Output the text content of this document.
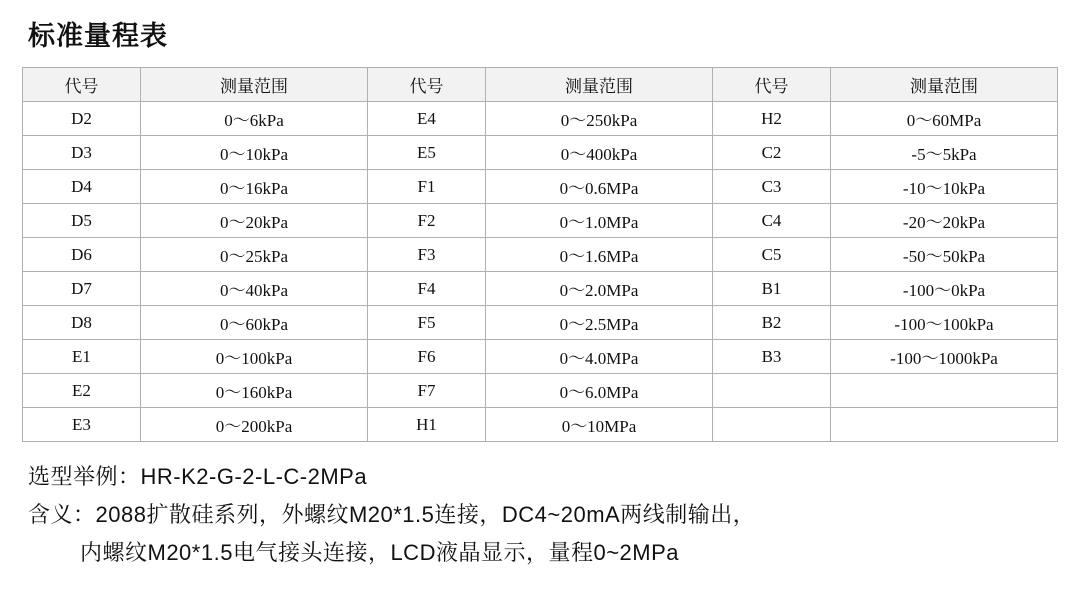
标准量程表
代号	测量范围	代号	测量范围	代号	测量范围
D2	0～6kPa	E4	0～250kPa	H2	0～60MPa
D3	0～10kPa	E5	0～400kPa	C2	-5～5kPa
D4	0～16kPa	F1	0～0.6MPa	C3	-10～10kPa
D5	0～20kPa	F2	0～1.0MPa	C4	-20～20kPa
D6	0～25kPa	F3	0～1.6MPa	C5	-50～50kPa
D7	0～40kPa	F4	0～2.0MPa	B1	-100～0kPa
D8	0～60kPa	F5	0～2.5MPa	B2	-100～100kPa
E1	0～100kPa	F6	0～4.0MPa	B3	-100～1000kPa
E2	0～160kPa	F7	0～6.0MPa		
E3	0～200kPa	H1	0～10MPa		
选型举例：HR-K2-G-2-L-C-2MPa
含义：2088扩散硅系列，外螺纹M20*1.5连接，DC4~20mA两线制输出，
内螺纹M20*1.5电气接头连接，LCD液晶显示，量程0~2MPa
